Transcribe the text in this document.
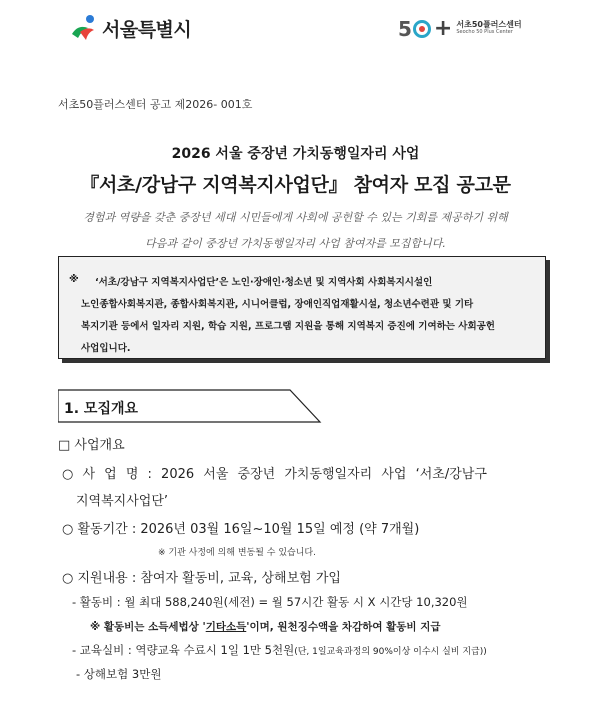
서울특별시	5 + 서초50플러스센터
Seocho 50 Plus Center
서초50플러스센터 공고 제2026- 001호
2026 서울 중장년 가치동행일자리 사업
『서초/강남구 지역복지사업단』 참여자 모집 공고문
경험과 역량을 갖춘 중장년 세대 시민들에게 사회에 공헌할 수 있는 기회를 제공하기 위해
다음과 같이 중장년 가치동행일자리 사업 참여자를 모집합니다.
※ ‘서초/강남구 지역복지사업단’은 노인·장애인·청소년 및 지역사회 사회복지시설인

노인종합사회복지관, 종합사회복지관, 시니어클럽, 장애인직업재활시설, 청소년수련관 및 기타

복지기관 등에서 일자리 지원, 학습 지원, 프로그램 지원을 통해 지역복지 증진에 기여하는 사회공헌

사업입니다.

1. 모집개요
□ 사업개요
○ 사 업 명 : 2026 서울 중장년 가치동행일자리 사업 ‘서초/강남구
지역복지사업단’
○ 활동기간 : 2026년 03월 16일~10월 15일 예정 (약 7개월)
※ 기관 사정에 의해 변동될 수 있습니다.
○ 지원내용 : 참여자 활동비, 교육, 상해보험 가입
- 활동비 : 월 최대 588,240원(세전) = 월 57시간 활동 시 X 시간당 10,320원
※ 활동비는 소득세법상 '기타소득'이며, 원천징수액을 차감하여 활동비 지급
- 교육실비 : 역량교육 수료시 1일 1만 5천원(단, 1일교육과정의 90%이상 이수시 실비 지급))
- 상해보험 3만원
